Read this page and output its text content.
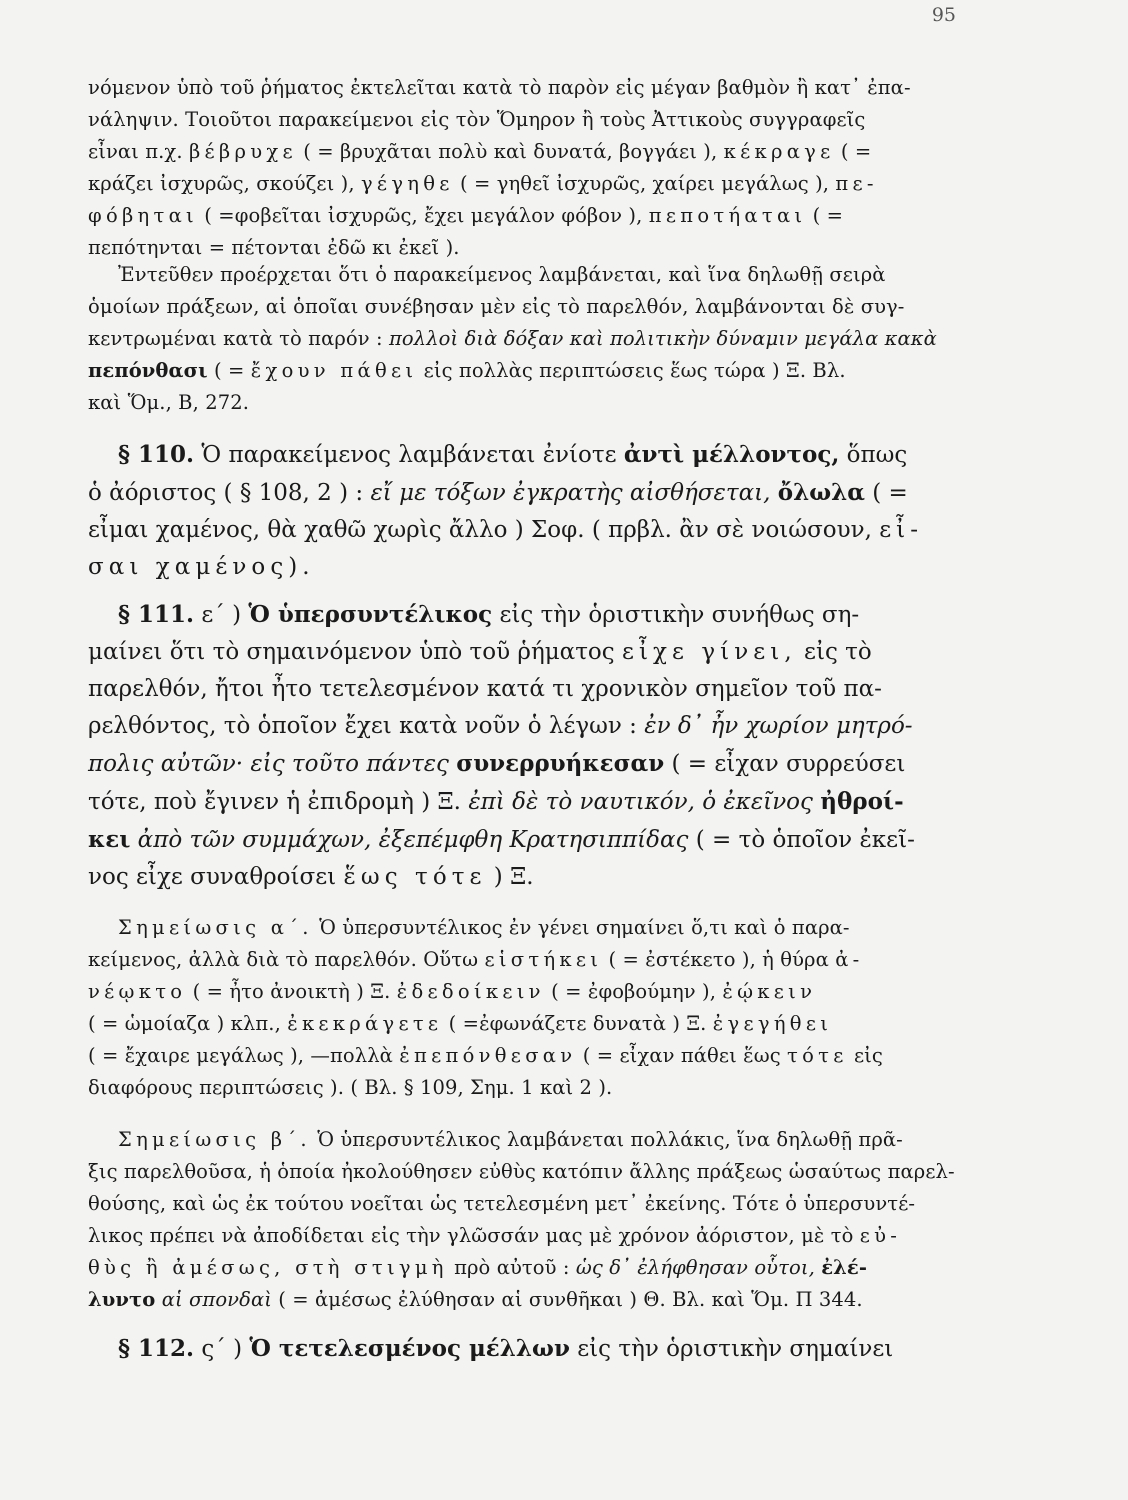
95
νόμενον ὑπὸ τοῦ ῥήματος ἐκτελεῖται κατὰ τὸ παρὸν εἰς μέγαν βαθμὸν ἢ κατ᾽ ἐπα-
νάληψιν. Τοιοῦτοι παρακείμενοι εἰς τὸν Ὅμηρον ἢ τοὺς Ἀττικοὺς συγγραφεῖς
εἶναι π.χ. βέβρυχε ( = βρυχᾶται πολὺ καὶ δυνατά, βογγάει ), κέκραγε ( =
κράζει ἰσχυρῶς, σκούζει ), γέγηθε ( = γηθεῖ ἰσχυρῶς, χαίρει μεγάλως ), πε-
φόβηται ( =φοβεῖται ἰσχυρῶς, ἔχει μεγάλον φόβον ), πεποτήαται ( =
πεπότηνται = πέτονται ἐδῶ κι ἐκεῖ ).
Ἐντεῦθεν προέρχεται ὅτι ὁ παρακείμενος λαμβάνεται, καὶ ἵνα δηλωθῇ σειρὰ
ὁμοίων πράξεων, αἱ ὁποῖαι συνέβησαν μὲν εἰς τὸ παρελθόν, λαμβάνονται δὲ συγ-
κεντρωμέναι κατὰ τὸ παρόν : πολλοὶ διὰ δόξαν καὶ πολιτικὴν δύναμιν μεγάλα κακὰ
πεπόνθασι ( = ἔχουν πάθει εἰς πολλὰς περιπτώσεις ἕως τώρα ) Ξ. Βλ.
καὶ Ὅμ., Β, 272.
§ 110. Ὁ παρακείμενος λαμβάνεται ἐνίοτε ἀντὶ μέλλοντος, ὅπως
ὁ ἀόριστος ( § 108, 2 ) : εἴ με τόξων ἐγκρατὴς αἰσθήσεται, ὄλωλα ( =
εἶμαι χαμένος, θὰ χαθῶ χωρὶς ἄλλο ) Σοφ. ( πρβλ. ἂν σὲ νοιώσουν, εἶ-
σαι χαμένος).
§ 111. ε΄ ) Ὁ ὑπερσυντέλικος εἰς τὴν ὁριστικὴν συνήθως ση-
μαίνει ὅτι τὸ σημαινόμενον ὑπὸ τοῦ ῥήματος εἶχε γίνει, εἰς τὸ
παρελθόν, ἤτοι ἦτο τετελεσμένον κατά τι χρονικὸν σημεῖον τοῦ πα-
ρελθόντος, τὸ ὁποῖον ἔχει κατὰ νοῦν ὁ λέγων : ἐν δ᾽ ἦν χωρίον μητρό-
πολις αὐτῶν· εἰς τοῦτο πάντες συνερρυήκεσαν ( = εἶχαν συρρεύσει
τότε, ποὺ ἔγινεν ἡ ἐπιδρομὴ ) Ξ. ἐπὶ δὲ τὸ ναυτικόν, ὁ ἐκεῖνος ἠθροί-
κει ἀπὸ τῶν συμμάχων, ἐξεπέμφθη Κρατησιππίδας ( = τὸ ὁποῖον ἐκεῖ-
νος εἶχε συναθροίσει ἕως τότε ) Ξ.
Σημείωσις α΄. Ὁ ὑπερσυντέλικος ἐν γένει σημαίνει ὅ,τι καὶ ὁ παρα-
κείμενος, ἀλλὰ διὰ τὸ παρελθόν. Οὕτω εἱστήκει ( = ἐστέκετο ), ἡ θύρα ἀ-
νέῳκτο ( = ἦτο ἀνοικτὴ ) Ξ. ἐδεδοίκειν ( = ἐφοβούμην ), ἐῴκειν
( = ὡμοίαζα ) κλπ., ἐκεκράγετε ( =ἐφωνάζετε δυνατὰ ) Ξ. ἐγεγήθει
( = ἔχαιρε μεγάλως ), —πολλὰ ἐπεπόνθεσαν ( = εἶχαν πάθει ἕως τότε εἰς
διαφόρους περιπτώσεις ). ( Βλ. § 109, Σημ. 1 καὶ 2 ).
Σημείωσις β΄. Ὁ ὑπερσυντέλικος λαμβάνεται πολλάκις, ἵνα δηλωθῇ πρᾶ-
ξις παρελθοῦσα, ἡ ὁποία ἠκολούθησεν εὐθὺς κατόπιν ἄλλης πράξεως ὡσαύτως παρελ-
θούσης, καὶ ὡς ἐκ τούτου νοεῖται ὡς τετελεσμένη μετ᾽ ἐκείνης. Τότε ὁ ὑπερσυντέ-
λικος πρέπει νὰ ἀποδίδεται εἰς τὴν γλῶσσάν μας μὲ χρόνον ἀόριστον, μὲ τὸ εὐ-
θὺς ἢ ἀμέσως, στὴ στιγμὴ πρὸ αὐτοῦ : ὡς δ᾽ ἐλήφθησαν οὗτοι, ἐλέ-
λυντο αἱ σπονδαὶ ( = ἀμέσως ἐλύθησαν αἱ συνθῆκαι ) Θ. Βλ. καὶ Ὅμ. Π 344.
§ 112. ς΄ ) Ὁ τετελεσμένος μέλλων εἰς τὴν ὁριστικὴν σημαίνει
